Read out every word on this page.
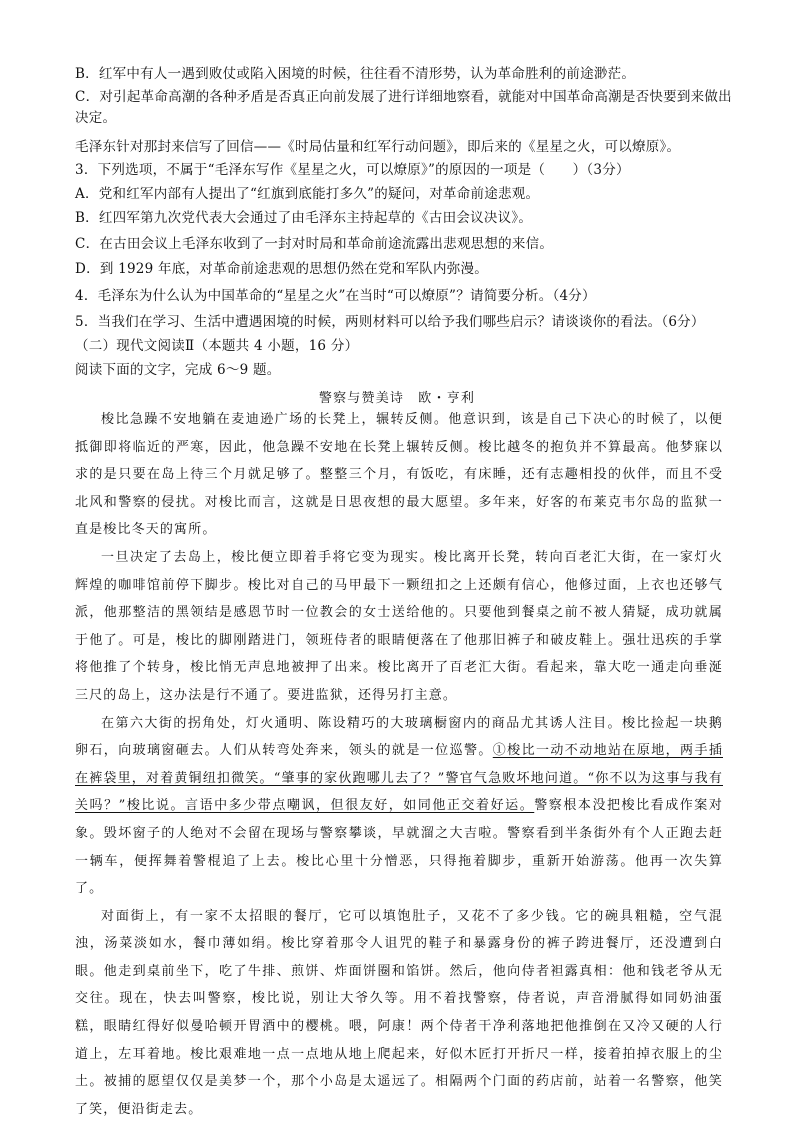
B．红军中有人一遇到败仗或陷入困境的时候，往往看不清形势，认为革命胜利的前途渺茫。
C．对引起革命高潮的各种矛盾是否真正向前发展了进行详细地察看，就能对中国革命高潮是否快要到来做出决定。
毛泽东针对那封来信写了回信——《时局估量和红军行动问题》，即后来的《星星之火，可以燎原》。
3．下列选项，不属于“毛泽东写作《星星之火，可以燎原》”的原因的一项是（　　）（3分）
A．党和红军内部有人提出了“红旗到底能打多久”的疑问，对革命前途悲观。
B．红四军第九次党代表大会通过了由毛泽东主持起草的《古田会议决议》。
C．在古田会议上毛泽东收到了一封对时局和革命前途流露出悲观思想的来信。
D．到 1929 年底，对革命前途悲观的思想仍然在党和军队内弥漫。
4．毛泽东为什么认为中国革命的“星星之火”在当时“可以燎原”？请简要分析。（4分）
5．当我们在学习、生活中遭遇困境的时候，两则材料可以给予我们哪些启示？请谈谈你的看法。（6分）
（二）现代文阅读Ⅱ（本题共 4 小题，16 分）
阅读下面的文字，完成 6～9 题。
警察与赞美诗　欧・亨利

梭比急躁不安地躺在麦迪逊广场的长凳上，辗转反侧。他意识到，该是自己下决心的时候了，以便抵御即将临近的严寒，因此，他急躁不安地在长凳上辗转反侧。梭比越冬的抱负并不算最高。他梦寐以求的是只要在岛上待三个月就足够了。整整三个月，有饭吃，有床睡，还有志趣相投的伙伴，而且不受北风和警察的侵扰。对梭比而言，这就是日思夜想的最大愿望。多年来，好客的布莱克韦尔岛的监狱一直是梭比冬天的寓所。

一旦决定了去岛上，梭比便立即着手将它变为现实。梭比离开长凳，转向百老汇大街，在一家灯火辉煌的咖啡馆前停下脚步。梭比对自己的马甲最下一颗纽扣之上还颇有信心，他修过面，上衣也还够气派，他那整洁的黑领结是感恩节时一位教会的女士送给他的。只要他到餐桌之前不被人猜疑，成功就属于他了。可是，梭比的脚刚踏进门，领班侍者的眼睛便落在了他那旧裤子和破皮鞋上。强壮迅疾的手掌将他推了个转身，梭比悄无声息地被押了出来。梭比离开了百老汇大街。看起来，靠大吃一通走向垂涎三尺的岛上，这办法是行不通了。要进监狱，还得另打主意。

在第六大街的拐角处，灯火通明、陈设精巧的大玻璃橱窗内的商品尤其诱人注目。梭比捡起一块鹅卵石，向玻璃窗砸去。人们从转弯处奔来，领头的就是一位巡警。①梭比一动不动地站在原地，两手插在裤袋里，对着黄铜纽扣微笑。“肇事的家伙跑哪儿去了？”警官气急败坏地问道。“你不以为这事与我有关吗？”梭比说。言语中多少带点嘲讽，但很友好，如同他正交着好运。警察根本没把梭比看成作案对象。毁坏窗子的人绝对不会留在现场与警察攀谈，早就溜之大吉啦。警察看到半条街外有个人正跑去赶一辆车，便挥舞着警棍追了上去。梭比心里十分憎恶，只得拖着脚步，重新开始游荡。他再一次失算了。

对面街上，有一家不太招眼的餐厅，它可以填饱肚子，又花不了多少钱。它的碗具粗糙，空气混浊，汤菜淡如水，餐巾薄如绢。梭比穿着那令人诅咒的鞋子和暴露身份的裤子跨进餐厅，还没遭到白眼。他走到桌前坐下，吃了牛排、煎饼、炸面饼圈和馅饼。然后，他向侍者袒露真相：他和钱老爷从无交往。现在，快去叫警察，梭比说，别让大爷久等。用不着找警察，侍者说，声音滑腻得如同奶油蛋糕，眼睛红得好似曼哈顿开胃酒中的樱桃。喂，阿康！两个侍者干净利落地把他推倒在又冷又硬的人行道上，左耳着地。梭比艰难地一点一点地从地上爬起来，好似木匠打开折尺一样，接着拍掉衣服上的尘土。被捕的愿望仅仅是美梦一个，那个小岛是太遥远了。相隔两个门面的药店前，站着一名警察，他笑了笑，便沿街走去。
